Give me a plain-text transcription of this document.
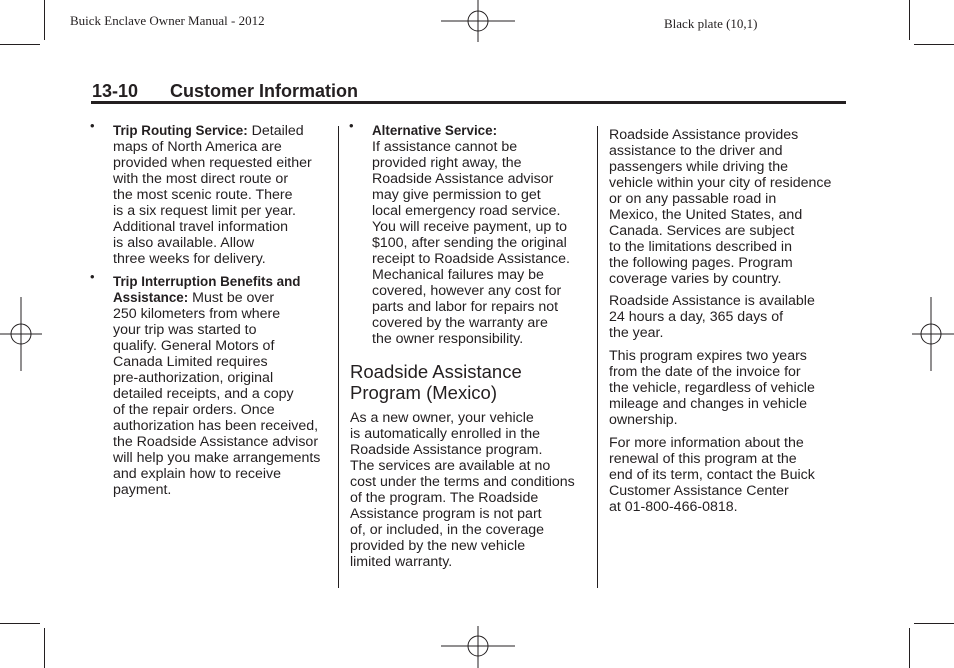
Buick Enclave Owner Manual - 2012	Black plate (10,1)
13-10 Customer Information
• Trip Routing Service: Detailed
maps of North America are
provided when requested either
with the most direct route or
the most scenic route. There
is a six request limit per year.
Additional travel information
is also available. Allow
three weeks for delivery.
• Trip Interruption Benefits and
Assistance: Must be over
250 kilometers from where
your trip was started to
qualify. General Motors of
Canada Limited requires
pre-authorization, original
detailed receipts, and a copy
of the repair orders. Once
authorization has been received,
the Roadside Assistance advisor
will help you make arrangements
and explain how to receive
payment.
• Alternative Service:
If assistance cannot be
provided right away, the
Roadside Assistance advisor
may give permission to get
local emergency road service.
You will receive payment, up to
$100, after sending the original
receipt to Roadside Assistance.
Mechanical failures may be
covered, however any cost for
parts and labor for repairs not
covered by the warranty are
the owner responsibility.
Roadside Assistance
Program (Mexico)

As a new owner, your vehicle
is automatically enrolled in the
Roadside Assistance program.
The services are available at no
cost under the terms and conditions
of the program. The Roadside
Assistance program is not part
of, or included, in the coverage
provided by the new vehicle
limited warranty.

Roadside Assistance provides
assistance to the driver and
passengers while driving the
vehicle within your city of residence
or on any passable road in
Mexico, the United States, and
Canada. Services are subject
to the limitations described in
the following pages. Program
coverage varies by country.

Roadside Assistance is available
24 hours a day, 365 days of
the year.

This program expires two years
from the date of the invoice for
the vehicle, regardless of vehicle
mileage and changes in vehicle
ownership.

For more information about the
renewal of this program at the
end of its term, contact the Buick
Customer Assistance Center
at 01-800-466-0818.
